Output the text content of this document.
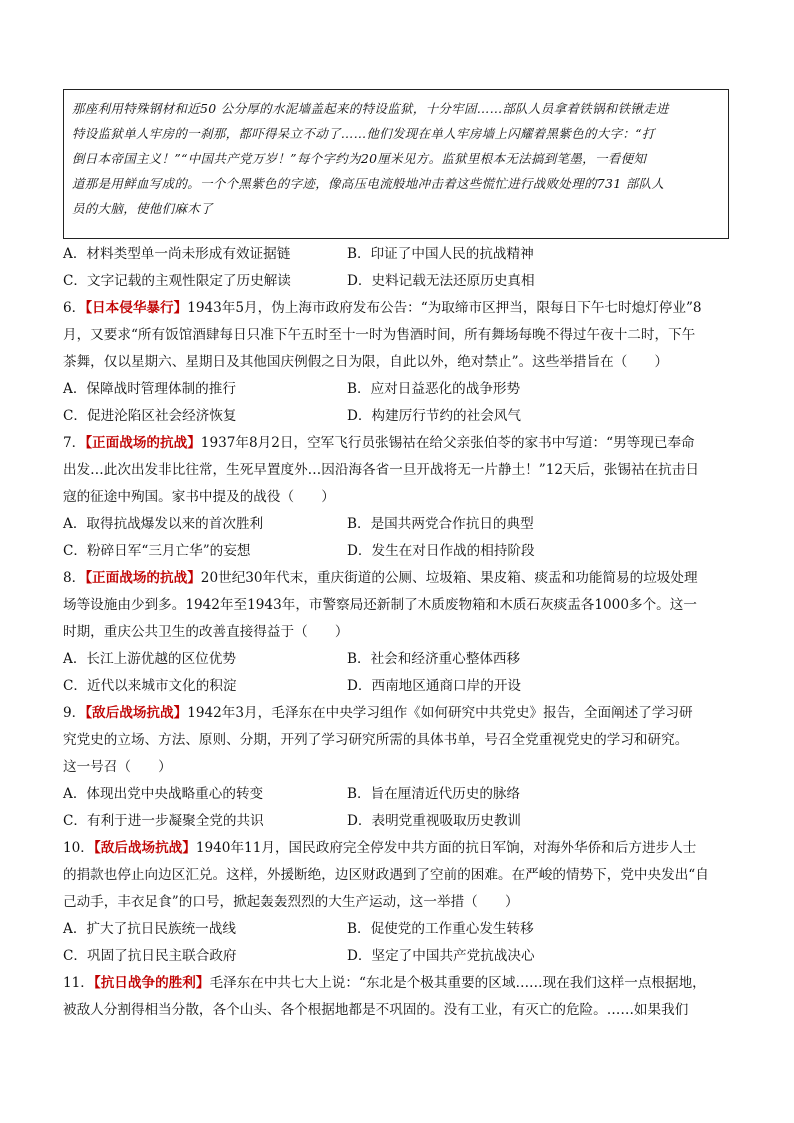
那座利用特殊钢材和近50 公分厚的水泥墙盖起来的特设监狱，十分牢固……部队人员拿着铁锅和铁锹走进

特设监狱单人牢房的一刹那，都吓得呆立不动了……他们发现在单人牢房墙上闪耀着黑紫色的大字：“打

倒日本帝国主义！”“中国共产党万岁！”每个字约为20厘米见方。监狱里根本无法搞到笔墨，一看便知

道那是用鲜血写成的。一个个黑紫色的字迹，像高压电流般地冲击着这些慌忙进行战败处理的731 部队人

员的大脑，使他们麻木了

A．材料类型单一尚未形成有效证据链	B．印证了中国人民的抗战精神
C．文字记载的主观性限定了历史解读	D．史料记载无法还原历史真相
6．【日本侵华暴行】1943年5月，伪上海市政府发布公告：“为取缔市区押当，限每日下午七时熄灯停业”8
月，又要求“所有饭馆酒肆每日只准下午五时至十一时为售酒时间，所有舞场每晚不得过午夜十二时，下午
茶舞，仅以星期六、星期日及其他国庆例假之日为限，自此以外，绝对禁止”。这些举措旨在（　　）
A．保障战时管理体制的推行	B．应对日益恶化的战争形势
C．促进沦陷区社会经济恢复	D．构建厉行节约的社会风气
7．【正面战场的抗战】1937年8月2日，空军飞行员张锡祜在给父亲张伯苓的家书中写道：“男等现已奉命
出发…此次出发非比往常，生死早置度外…因沿海各省一旦开战将无一片静土！”12天后，张锡祜在抗击日
寇的征途中殉国。家书中提及的战役（　　）
A．取得抗战爆发以来的首次胜利	B．是国共两党合作抗日的典型
C．粉碎日军“三月亡华”的妄想	D．发生在对日作战的相持阶段
8．【正面战场的抗战】20世纪30年代末，重庆街道的公厕、垃圾箱、果皮箱、痰盂和功能简易的垃圾处理
场等设施由少到多。1942年至1943年，市警察局还新制了木质废物箱和木质石灰痰盂各1000多个。这一
时期，重庆公共卫生的改善直接得益于（　　）
A．长江上游优越的区位优势	B．社会和经济重心整体西移
C．近代以来城市文化的积淀	D．西南地区通商口岸的开设
9．【敌后战场抗战】1942年3月，毛泽东在中央学习组作《如何研究中共党史》报告，全面阐述了学习研
究党史的立场、方法、原则、分期，开列了学习研究所需的具体书单，号召全党重视党史的学习和研究。
这一号召（　　）
A．体现出党中央战略重心的转变	B．旨在厘清近代历史的脉络
C．有利于进一步凝聚全党的共识	D．表明党重视吸取历史教训
10．【敌后战场抗战】1940年11月，国民政府完全停发中共方面的抗日军饷，对海外华侨和后方进步人士
的捐款也停止向边区汇兑。这样，外援断绝，边区财政遇到了空前的困难。在严峻的情势下，党中央发出“自
己动手，丰衣足食”的口号，掀起轰轰烈烈的大生产运动，这一举措（　　）
A．扩大了抗日民族统一战线	B．促使党的工作重心发生转移
C．巩固了抗日民主联合政府	D．坚定了中国共产党抗战决心
11．【抗日战争的胜利】毛泽东在中共七大上说：“东北是个极其重要的区域……现在我们这样一点根据地，
被敌人分割得相当分散，各个山头、各个根据地都是不巩固的。没有工业，有灭亡的危险。……如果我们
